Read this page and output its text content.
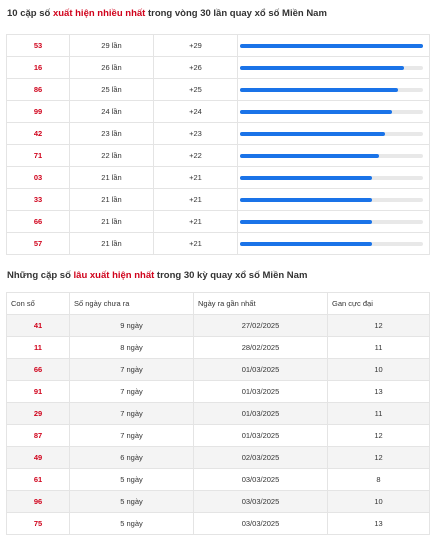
10 cặp số xuất hiện nhiều nhất trong vòng 30 lần quay xổ số Miền Nam
53	29 lần	+29	

16	26 lần	+26	

86	25 lần	+25	

99	24 lần	+24	

42	23 lần	+23	

71	22 lần	+22	

03	21 lần	+21	

33	21 lần	+21	

66	21 lần	+21	

57	21 lần	+21	
Những cặp số lâu xuất hiện nhất trong 30 kỳ quay xổ số Miền Nam
Con số	Số ngày chưa ra	Ngày ra gần nhất	Gan cực đại
41	9 ngày	27/02/2025	12
11	8 ngày	28/02/2025	11
66	7 ngày	01/03/2025	10
91	7 ngày	01/03/2025	13
29	7 ngày	01/03/2025	11
87	7 ngày	01/03/2025	12
49	6 ngày	02/03/2025	12
61	5 ngày	03/03/2025	8
96	5 ngày	03/03/2025	10
75	5 ngày	03/03/2025	13
